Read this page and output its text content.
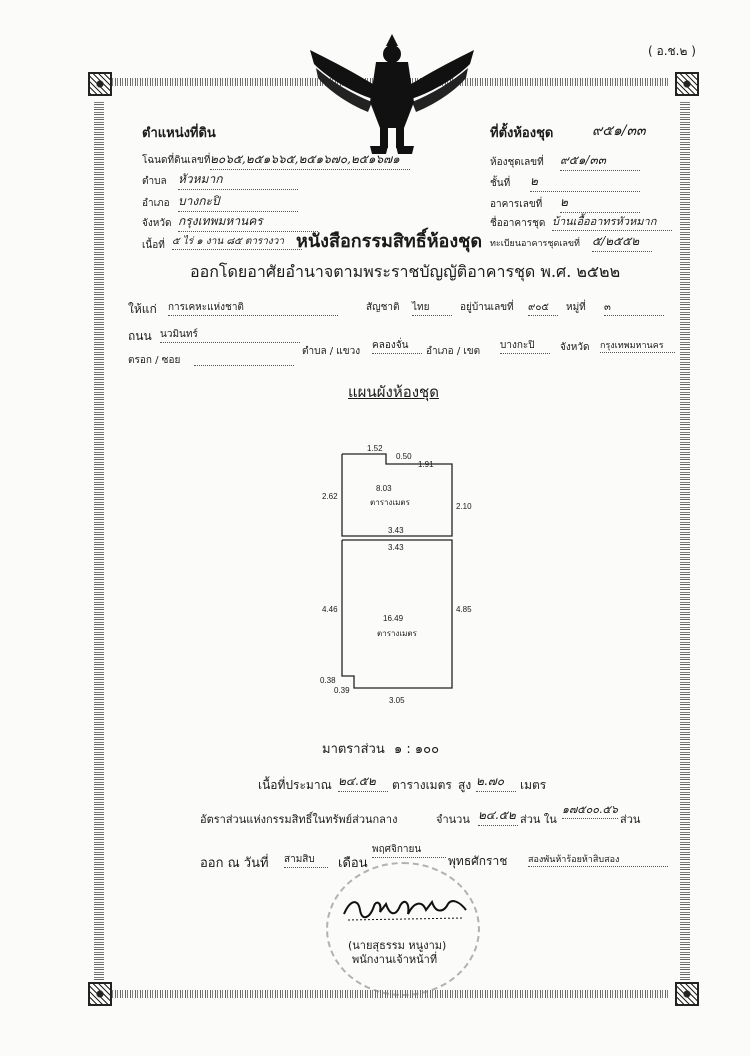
( อ.ช.๒ )
ตำแหน่งที่ดิน
โฉนดที่ดินเลขที่ ๒๐๖๕,๒๕๑๖๖๕,๒๕๑๖๗๐,๒๕๑๖๗๑
ตำบล หัวหมาก
อำเภอ บางกะปิ
จังหวัด กรุงเทพมหานคร
เนื้อที่ ๕ ไร่ ๑ งาน ๘๕ ตารางวา
ที่ตั้งห้องชุด	๙๕๑/๓๓
ห้องชุดเลขที่ ๙๕๑/๓๓
ชั้นที่ ๒
อาคารเลขที่ ๒
ชื่ออาคารชุด บ้านเอื้ออาทรหัวหมาก
ทะเบียนอาคารชุดเลขที่ ๕/๒๕๕๒
หนังสือกรรมสิทธิ์ห้องชุด
ออกโดยอาศัยอำนาจตามพระราชบัญญัติอาคารชุด พ.ศ. ๒๕๒๒
ให้แก่ การเคหะแห่งชาติ	สัญชาติ ไทย	อยู่บ้านเลขที่ ๙๐๕	หมู่ที่ ๓
ถนน นวมินทร์
ตรอก / ซอย
ตำบล / แขวง
คลองจั่น
อำเภอ / เขต
บางกะปิ	จังหวัด กรุงเทพมหานคร
แผนผังห้องชุด
1.52
0.50
1.91
2.62
2.10
8.03
ตารางเมตร
3.43
3.43
4.46	4.85
16.49
ตารางเมตร
0.38
0.39
3.05
มาตราส่วน ๑ : ๑๐๐
เนื้อที่ประมาณ ๒๔.๕๒	ตารางเมตร สูง ๒.๗๐	เมตร
อัตราส่วนแห่งกรรมสิทธิ์ในทรัพย์ส่วนกลาง	จำนวน ๒๔.๕๒ ส่วน ใน
๑๗๕๐๐.๕๖
ส่วน
ออก ณ วันที่ สามสิบ	เดือน
พฤศจิกายน
พุทธศักราช สองพันห้าร้อยห้าสิบสอง
(นายสุธรรม หนูงาม)
พนักงานเจ้าหน้าที่
